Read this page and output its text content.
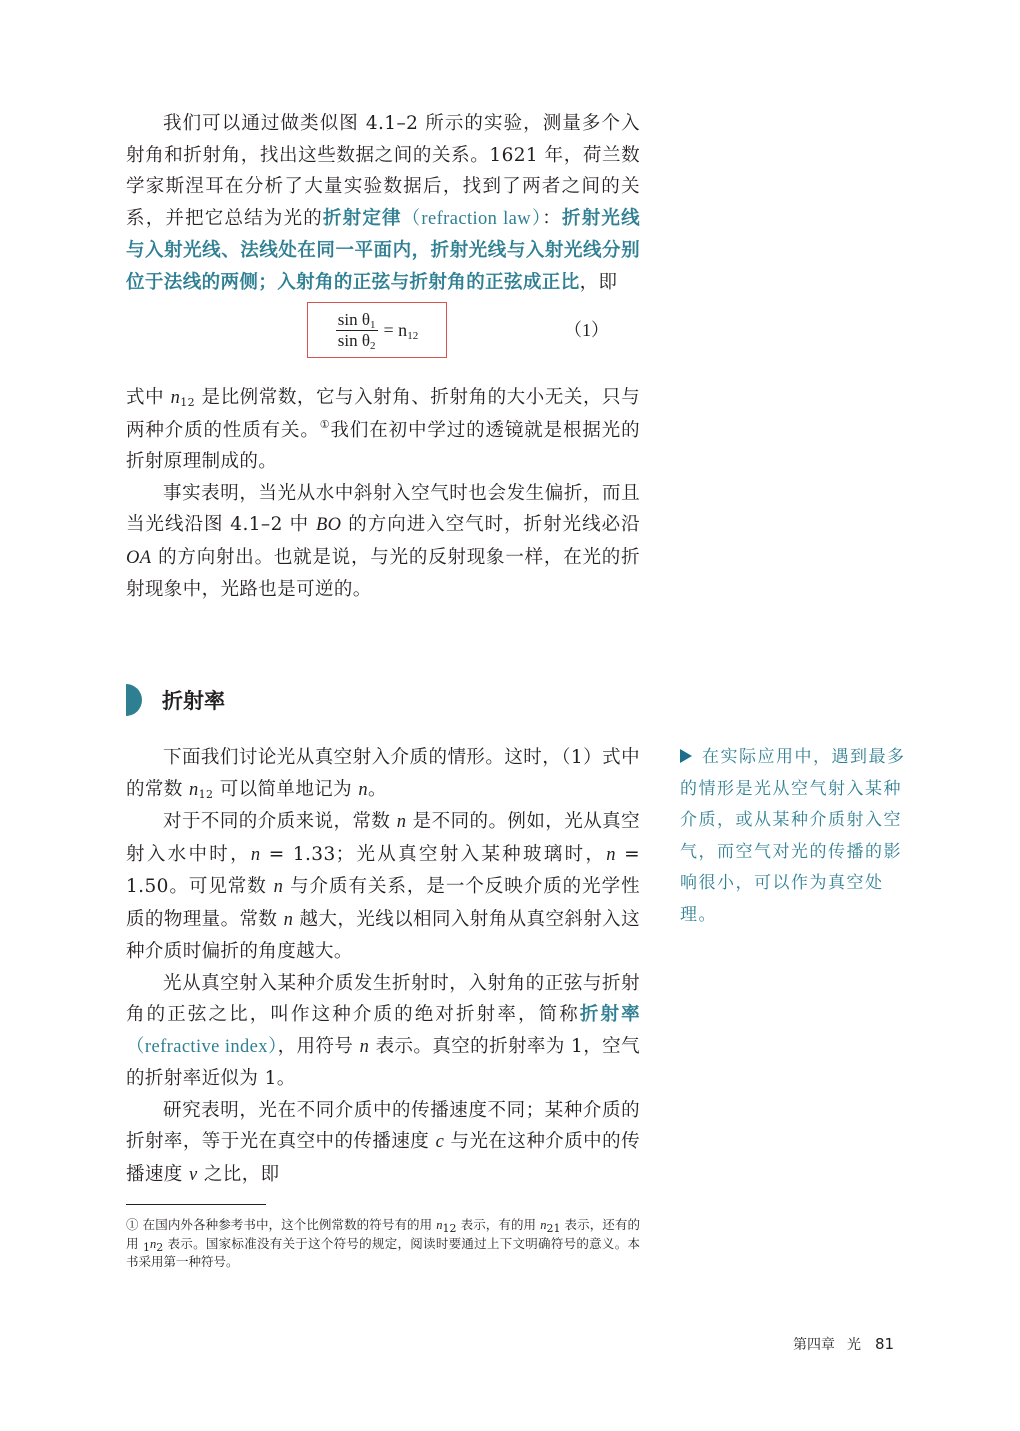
我们可以通过做类似图 4.1–2 所示的实验，测量多个入射角和折射角，找出这些数据之间的关系。1621 年，荷兰数学家斯涅耳在分析了大量实验数据后，找到了两者之间的关系，并把它总结为光的折射定律（refraction law）：折射光线与入射光线、法线处在同一平面内，折射光线与入射光线分别位于法线的两侧；入射角的正弦与折射角的正弦成正比，即

$\frac{\sin \theta_1}{\sin \theta_2} = n_{12}$	（1）

式中 $n_{12}$ 是比例常数，它与入射角、折射角的大小无关，只与两种介质的性质有关。①我们在初中学过的透镜就是根据光的折射原理制成的。

事实表明，当光从水中斜射入空气时也会发生偏折，而且当光线沿图 4.1–2 中 BO 的方向进入空气时，折射光线必沿 OA 的方向射出。也就是说，与光的反射现象一样，在光的折射现象中，光路也是可逆的。

折射率

下面我们讨论光从真空射入介质的情形。这时，（1）式中的常数 $n_{12}$ 可以简单地记为 n。

对于不同的介质来说，常数 n 是不同的。例如，光从真空射入水中时，n = 1.33；光从真空射入某种玻璃时，n = 1.50。可见常数 n 与介质有关系，是一个反映介质的光学性质的物理量。常数 n 越大，光线以相同入射角从真空斜射入这种介质时偏折的角度越大。

光从真空射入某种介质发生折射时，入射角的正弦与折射角的正弦之比，叫作这种介质的绝对折射率，简称折射率（refractive index），用符号 n 表示。真空的折射率为 1，空气的折射率近似为 1。

研究表明，光在不同介质中的传播速度不同；某种介质的折射率，等于光在真空中的传播速度 c 与光在这种介质中的传播速度 v 之比，即

在实际应用中，遇到最多的情形是光从空气射入某种介质，或从某种介质射入空气，而空气对光的传播的影响很小，可以作为真空处理。
① 在国内外各种参考书中，这个比例常数的符号有的用 $n_{12}$ 表示，有的用 $n_{21}$ 表示，还有的用 $_1n_2$ 表示。国家标准没有关于这个符号的规定，阅读时要通过上下文明确符号的意义。本书采用第一种符号。
第四章 光 81
